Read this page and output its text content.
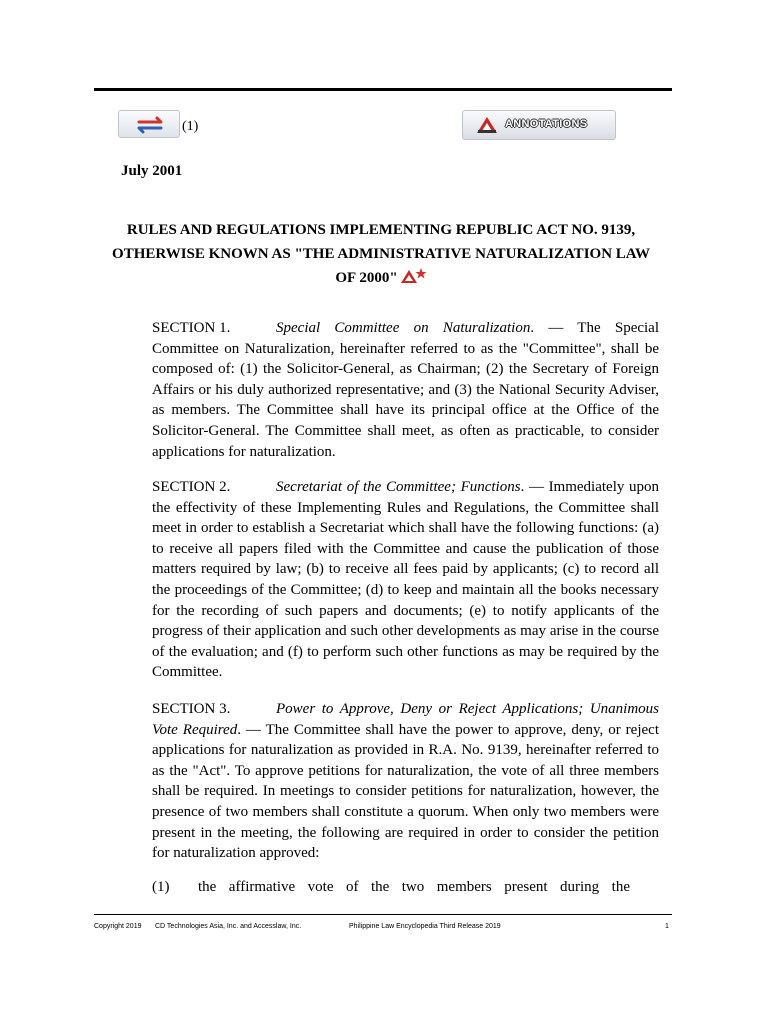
(1)	ANNOTATIONS
July 2001
RULES AND REGULATIONS IMPLEMENTING REPUBLIC ACT NO. 9139,
OTHERWISE KNOWN AS "THE ADMINISTRATIVE NATURALIZATION LAW
OF 2000"
SECTION 1.	Special Committee on Naturalization. — The Special Committee on Naturalization, hereinafter referred to as the "Committee", shall be composed of: (1) the Solicitor-General, as Chairman; (2) the Secretary of Foreign Affairs or his duly authorized representative; and (3) the National Security Adviser, as members. The Committee shall have its principal office at the Office of the Solicitor-General. The Committee shall meet, as often as practicable, to consider applications for naturalization.
SECTION 2.	Secretariat of the Committee; Functions. — Immediately upon the effectivity of these Implementing Rules and Regulations, the Committee shall meet in order to establish a Secretariat which shall have the following functions: (a) to receive all papers filed with the Committee and cause the publication of those matters required by law; (b) to receive all fees paid by applicants; (c) to record all the proceedings of the Committee; (d) to keep and maintain all the books necessary for the recording of such papers and documents; (e) to notify applicants of the progress of their application and such other developments as may arise in the course of the evaluation; and (f) to perform such other functions as may be required by the Committee.
SECTION 3.	Power to Approve, Deny or Reject Applications; Unanimous Vote Required. — The Committee shall have the power to approve, deny, or reject applications for naturalization as provided in R.A. No. 9139, hereinafter referred to as the "Act". To approve petitions for naturalization, the vote of all three members shall be required. In meetings to consider petitions for naturalization, however, the presence of two members shall constitute a quorum. When only two members were present in the meeting, the following are required in order to consider the petition for naturalization approved:
(1) the affirmative vote of the two members present during the
Copyright 2019 CD Technologies Asia, Inc. and Accesslaw, Inc.	Philippine Law Encyclopedia Third Release 2019	1
